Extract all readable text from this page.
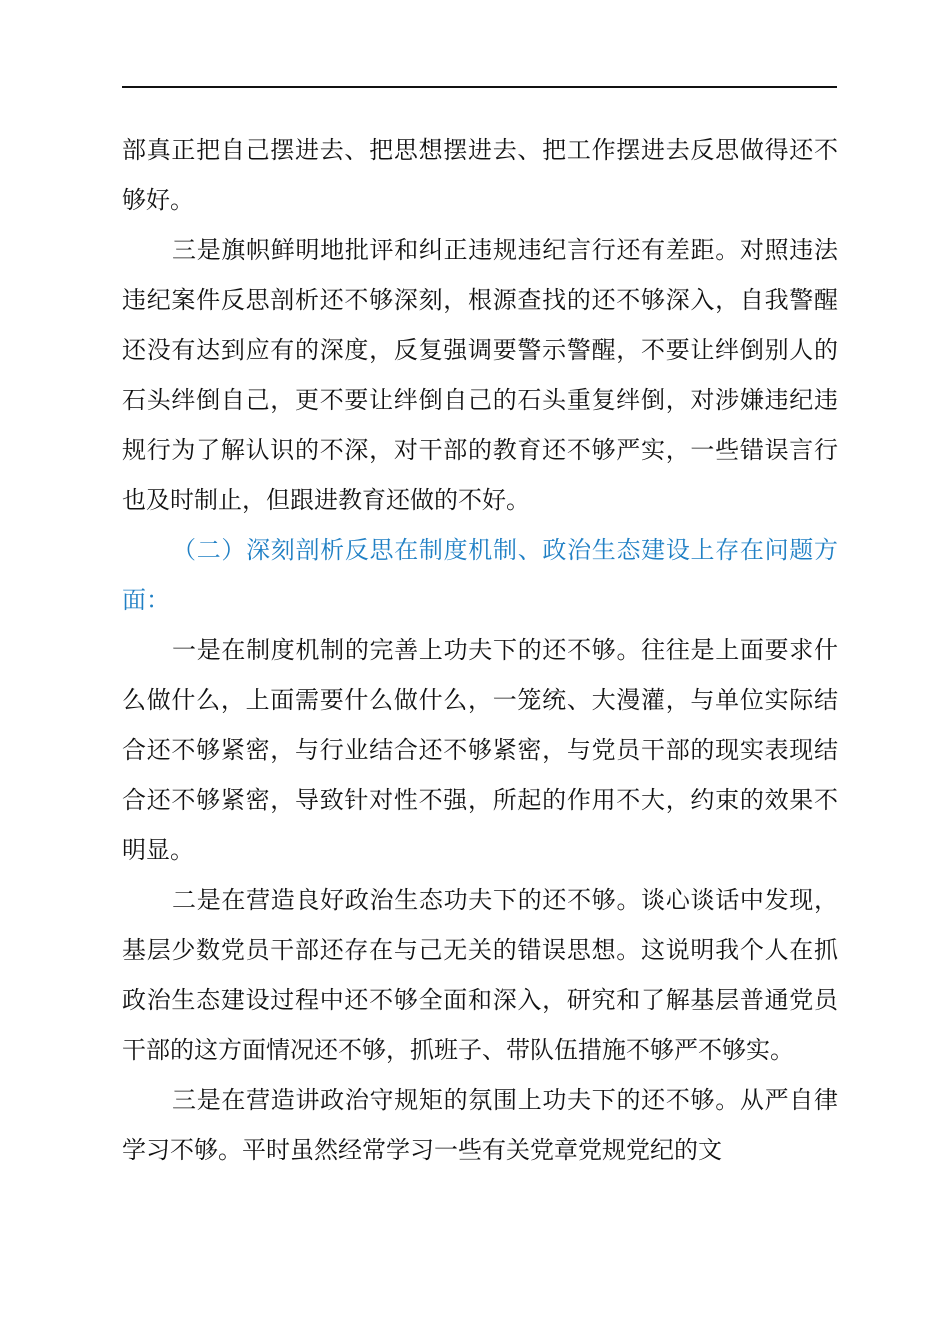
部真正把自己摆进去、把思想摆进去、把工作摆进去反思做得还不够好。

三是旗帜鲜明地批评和纠正违规违纪言行还有差距。对照违法违纪案件反思剖析还不够深刻，根源查找的还不够深入，自我警醒还没有达到应有的深度，反复强调要警示警醒，不要让绊倒别人的石头绊倒自己，更不要让绊倒自己的石头重复绊倒，对涉嫌违纪违规行为了解认识的不深，对干部的教育还不够严实，一些错误言行也及时制止，但跟进教育还做的不好。

（二）深刻剖析反思在制度机制、政治生态建设上存在问题方面：

一是在制度机制的完善上功夫下的还不够。往往是上面要求什么做什么，上面需要什么做什么，一笼统、大漫灌，与单位实际结合还不够紧密，与行业结合还不够紧密，与党员干部的现实表现结合还不够紧密，导致针对性不强，所起的作用不大，约束的效果不明显。

二是在营造良好政治生态功夫下的还不够。谈心谈话中发现，基层少数党员干部还存在与己无关的错误思想。这说明我个人在抓政治生态建设过程中还不够全面和深入，研究和了解基层普通党员干部的这方面情况还不够，抓班子、带队伍措施不够严不够实。

三是在营造讲政治守规矩的氛围上功夫下的还不够。从严自律学习不够。平时虽然经常学习一些有关党章党规党纪的文
